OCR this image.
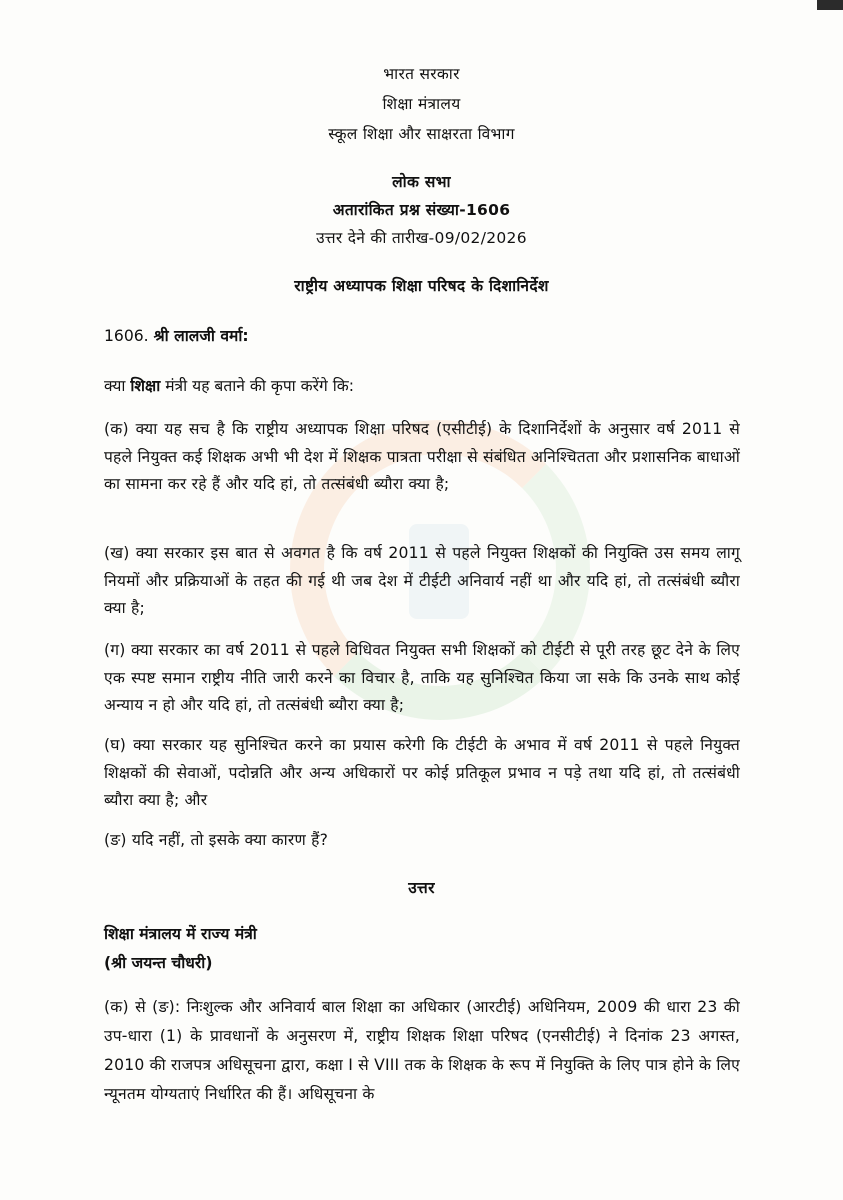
भारत सरकार
शिक्षा मंत्रालय
स्कूल शिक्षा और साक्षरता विभाग
लोक सभा
अतारांकित प्रश्न संख्या-1606
उत्तर देने की तारीख-09/02/2026
राष्ट्रीय अध्यापक शिक्षा परिषद के दिशानिर्देश
1606. श्री लालजी वर्मा:
क्या शिक्षा मंत्री यह बताने की कृपा करेंगे कि:
(क) क्या यह सच है कि राष्ट्रीय अध्यापक शिक्षा परिषद (एसीटीई) के दिशानिर्देशों के अनुसार वर्ष 2011 से पहले नियुक्त कई शिक्षक अभी भी देश में शिक्षक पात्रता परीक्षा से संबंधित अनिश्चितता और प्रशासनिक बाधाओं का सामना कर रहे हैं और यदि हां, तो तत्संबंधी ब्यौरा क्या है;
(ख) क्या सरकार इस बात से अवगत है कि वर्ष 2011 से पहले नियुक्त शिक्षकों की नियुक्ति उस समय लागू नियमों और प्रक्रियाओं के तहत की गई थी जब देश में टीईटी अनिवार्य नहीं था और यदि हां, तो तत्संबंधी ब्यौरा क्या है;
(ग) क्या सरकार का वर्ष 2011 से पहले विधिवत नियुक्त सभी शिक्षकों को टीईटी से पूरी तरह छूट देने के लिए एक स्पष्ट समान राष्ट्रीय नीति जारी करने का विचार है, ताकि यह सुनिश्चित किया जा सके कि उनके साथ कोई अन्याय न हो और यदि हां, तो तत्संबंधी ब्यौरा क्या है;
(घ) क्या सरकार यह सुनिश्चित करने का प्रयास करेगी कि टीईटी के अभाव में वर्ष 2011 से पहले नियुक्त शिक्षकों की सेवाओं, पदोन्नति और अन्य अधिकारों पर कोई प्रतिकूल प्रभाव न पड़े तथा यदि हां, तो तत्संबंधी ब्यौरा क्या है; और
(ङ) यदि नहीं, तो इसके क्या कारण हैं?
उत्तर
शिक्षा मंत्रालय में राज्य मंत्री
(श्री जयन्त चौधरी)
(क) से (ङ): निःशुल्क और अनिवार्य बाल शिक्षा का अधिकार (आरटीई) अधिनियम, 2009 की धारा 23 की उप-धारा (1) के प्रावधानों के अनुसरण में, राष्ट्रीय शिक्षक शिक्षा परिषद (एनसीटीई) ने दिनांक 23 अगस्त, 2010 की राजपत्र अधिसूचना द्वारा, कक्षा I से VIII तक के शिक्षक के रूप में नियुक्ति के लिए पात्र होने के लिए न्यूनतम योग्यताएं निर्धारित की हैं। अधिसूचना के
